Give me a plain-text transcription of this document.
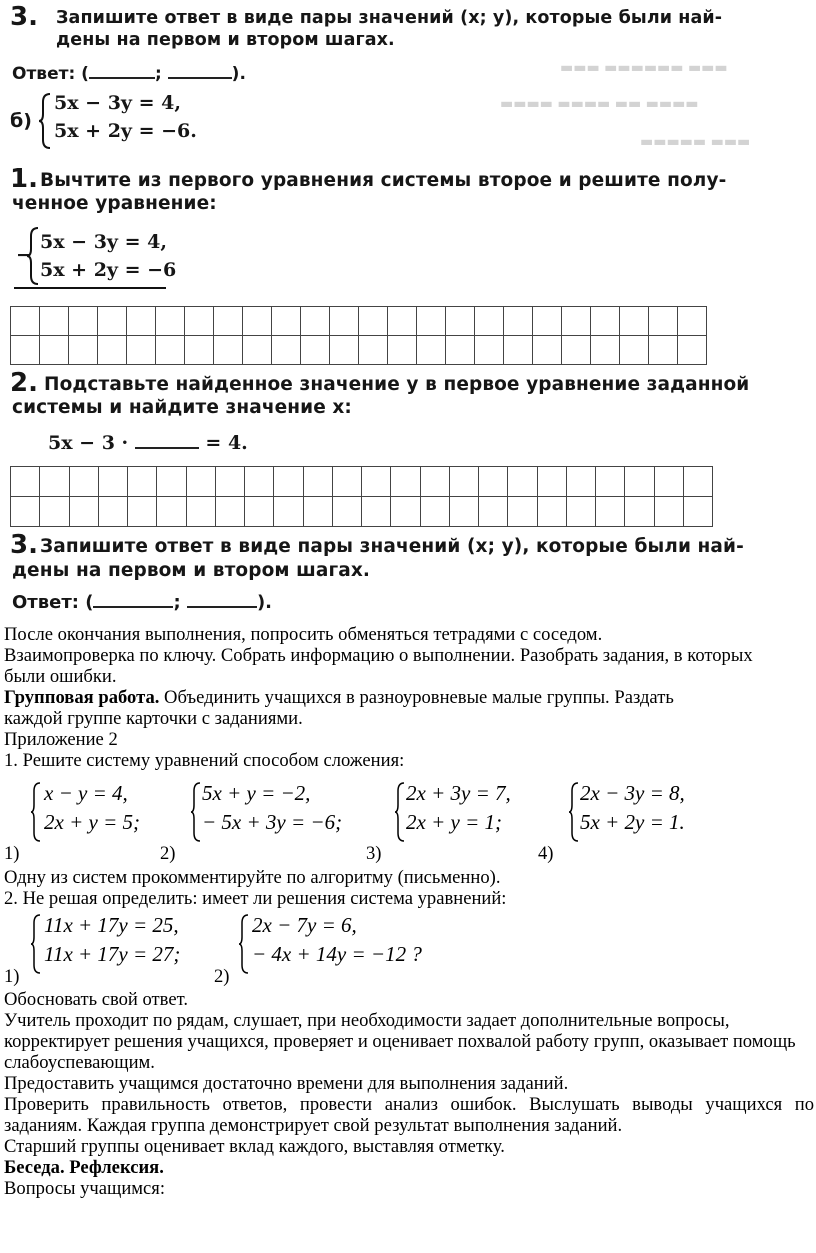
▬▬▬ ▬▬▬▬▬▬ ▬▬▬
▬▬▬▬ ▬▬▬▬ ▬▬ ▬▬▬▬
▬▬▬▬▬ ▬▬▬
3. Запишите ответ в виде пары значений (x; y), которые были най-
дены на первом и втором шагах.
Ответ: (	;	).
б)
5x − 3y = 4,
5x + 2y = −6.
1. Вычтите из первого уравнения системы второе и решите полу-
ченное уравнение:
−
5x − 3y = 4,
5x + 2y = −6
2. Подставьте найденное значение y в первое уравнение заданной
системы и найдите значение x:
5x − 3 ·	= 4.
3. Запишите ответ в виде пары значений (x; y), которые были най-
дены на первом и втором шагах.
Ответ: (	;	).

После окончания выполнения, попросить обменяться тетрадями с соседом.

Взаимопроверка по ключу. Собрать информацию о выполнении. Разобрать задания, в которых были ошибки.

Групповая работа. Объединить учащихся в разноуровневые малые группы. Раздать

каждой группе карточки с заданиями.

Приложение 2

1. Решите систему уравнений способом сложения:

1)
x − y = 4,
2x + y = 5;
2)
5x + y = −2,
− 5x + 3y = −6;
3)
2x + 3y = 7,
2x + y = 1;
4)
2x − 3y = 8,
5x + 2y = 1.

Одну из систем прокомментируйте по алгоритму (письменно).

2. Не решая определить: имеет ли решения система уравнений:

1)
11x + 17y = 25,
11x + 17y = 27;
2)
2x − 7y = 6,
− 4x + 14y = −12 ?

Обосновать свой ответ.

Учитель проходит по рядам, слушает, при необходимости задает дополнительные вопросы, корректирует решения учащихся, проверяет и оценивает похвалой работу групп, оказывает помощь слабоуспевающим.

Предоставить учащимся достаточно времени для выполнения заданий.

Проверить правильность ответов, провести анализ ошибок. Выслушать выводы учащихся по заданиям. Каждая группа демонстрирует свой результат выполнения заданий.

Старший группы оценивает вклад каждого, выставляя отметку.

Беседа. Рефлексия.

Вопросы учащимся:
